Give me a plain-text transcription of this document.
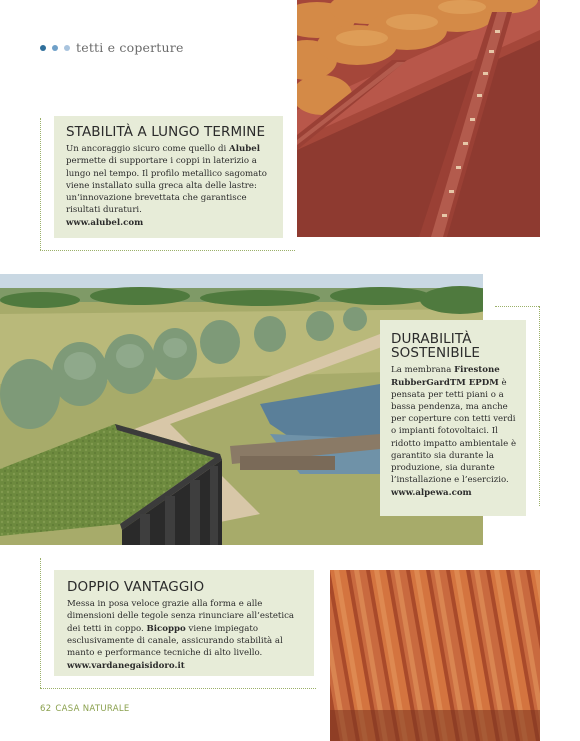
tetti e coperture
STABILITÀ A LUNGO TERMINE

Un ancoraggio sicuro come quello di Alubel permette di supportare i coppi in laterizio a lungo nel tempo. Il profilo metallico sagomato viene installato sulla greca alta delle lastre: un’innovazione brevettata che garantisce risultati duraturi.
www.alubel.com

DURABILITÀ
SOSTENIBILE

La membrana Firestone RubberGardTM EPDM è pensata per tetti piani o a bassa pendenza, ma anche per coperture con tetti verdi o impianti fotovoltaici. Il ridotto impatto ambientale è garantito sia durante la produzione, sia durante l’installazione e l’esercizio.
www.alpewa.com

DOPPIO VANTAGGIO

Messa in posa veloce grazie alla forma e alle dimensioni delle tegole senza rinunciare all’estetica dei tetti in coppo. Bicoppo viene impiegato esclusivamente di canale, assicurando stabilità al manto e performance tecniche di alto livello.
www.vardanegaisidoro.it

62 CASA NATURALE
